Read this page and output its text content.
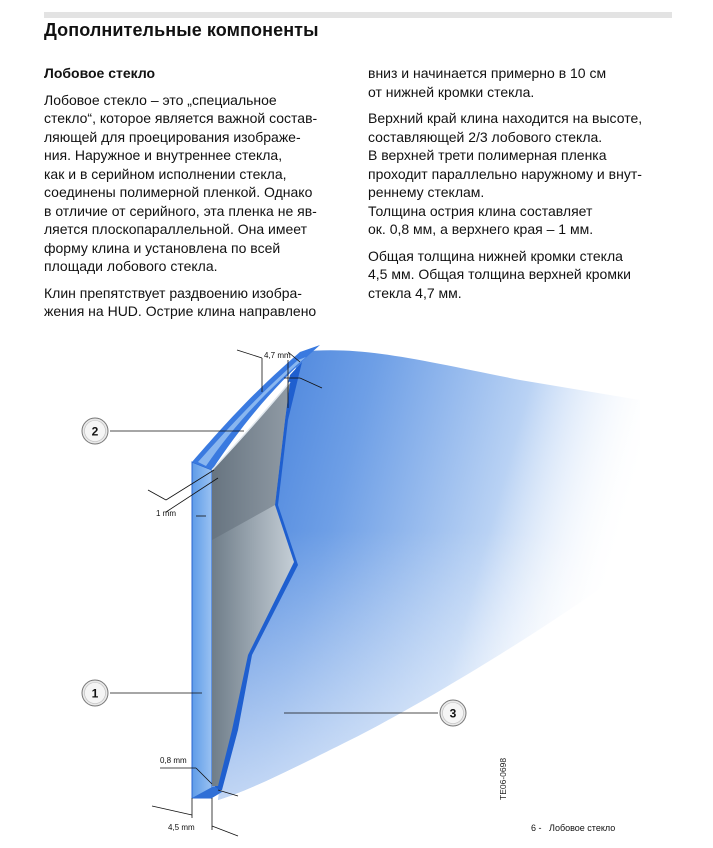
Дополнительные компоненты

Лобовое стекло

Лобовое стекло – это „специальное
стекло“, которое является важной состав-
ляющей для проецирования изображе-
ния. Наружное и внутреннее стекла,
как и в серийном исполнении стекла,
соединены полимерной пленкой. Однако
в отличие от серийного, эта пленка не яв-
ляется плоскопараллельной. Она имеет
форму клина и установлена по всей
площади лобового стекла.

Клин препятствует раздвоению изобра-
жения на HUD. Острие клина направлено

вниз и начинается примерно в 10 см
от нижней кромки стекла.

Верхний край клина находится на высоте,
составляющей 2/3 лобового стекла.
В верхней трети полимерная пленка
проходит параллельно наружному и внут-
реннему стеклам.
Толщина острия клина составляет
ок. 0,8 мм, а верхнего края – 1 мм.

Общая толщина нижней кромки стекла
4,5 мм. Общая толщина верхней кромки
стекла 4,7 мм.

4,7 mm
1 mm
0,8 mm
4,5 mm
2
1
3
TE06-0698
6 - Лобовое стекло
